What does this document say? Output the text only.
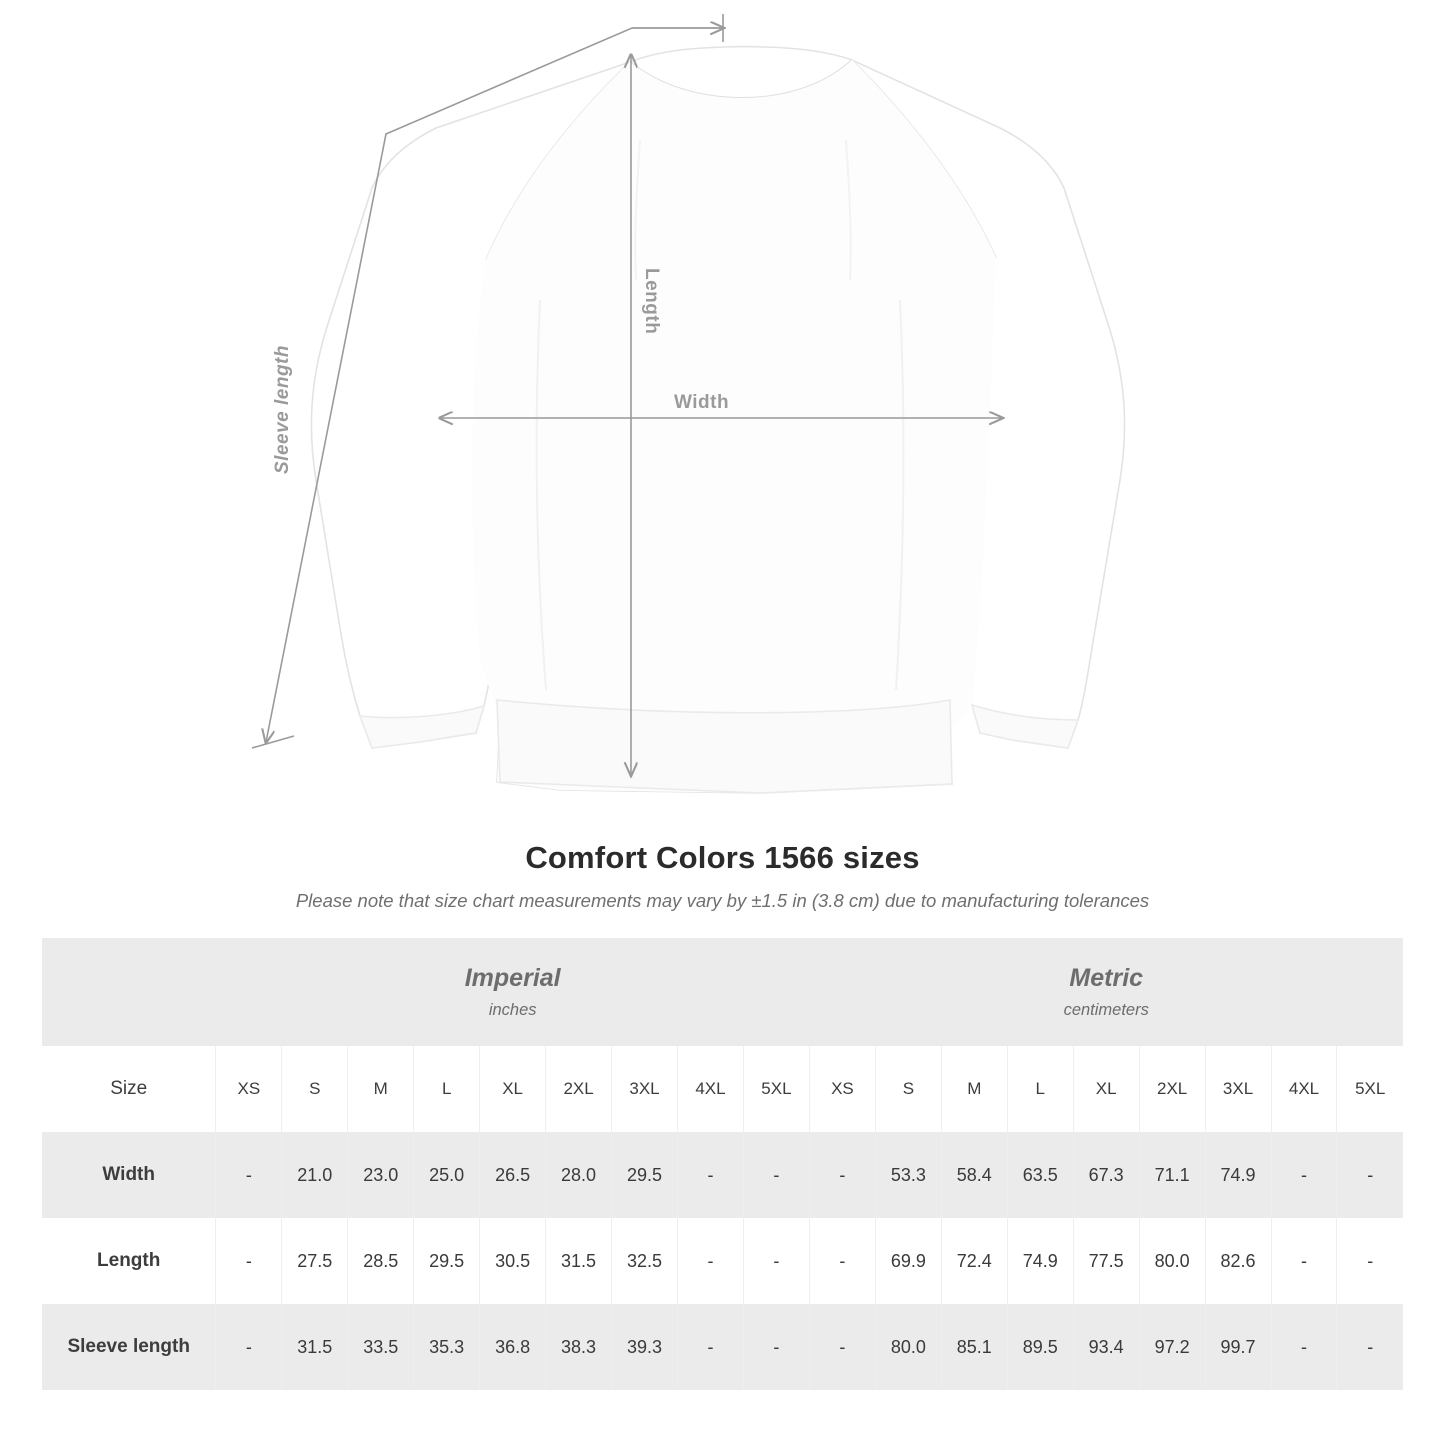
Length
Width
Sleeve length
Comfort Colors 1566 sizes
Please note that size chart measurements may vary by ±1.5 in (3.8 cm) due to manufacturing tolerances

Imperial
inches

Metric
centimeters

Size	XS	S	M	L	XL	2XL	3XL	4XL	5XL	XS	S	M	L	XL	2XL	3XL	4XL	5XL
Width	-	21.0	23.0	25.0	26.5	28.0	29.5	-	-	-	53.3	58.4	63.5	67.3	71.1	74.9	-	-
Length	-	27.5	28.5	29.5	30.5	31.5	32.5	-	-	-	69.9	72.4	74.9	77.5	80.0	82.6	-	-
Sleeve length	-	31.5	33.5	35.3	36.8	38.3	39.3	-	-	-	80.0	85.1	89.5	93.4	97.2	99.7	-	-
